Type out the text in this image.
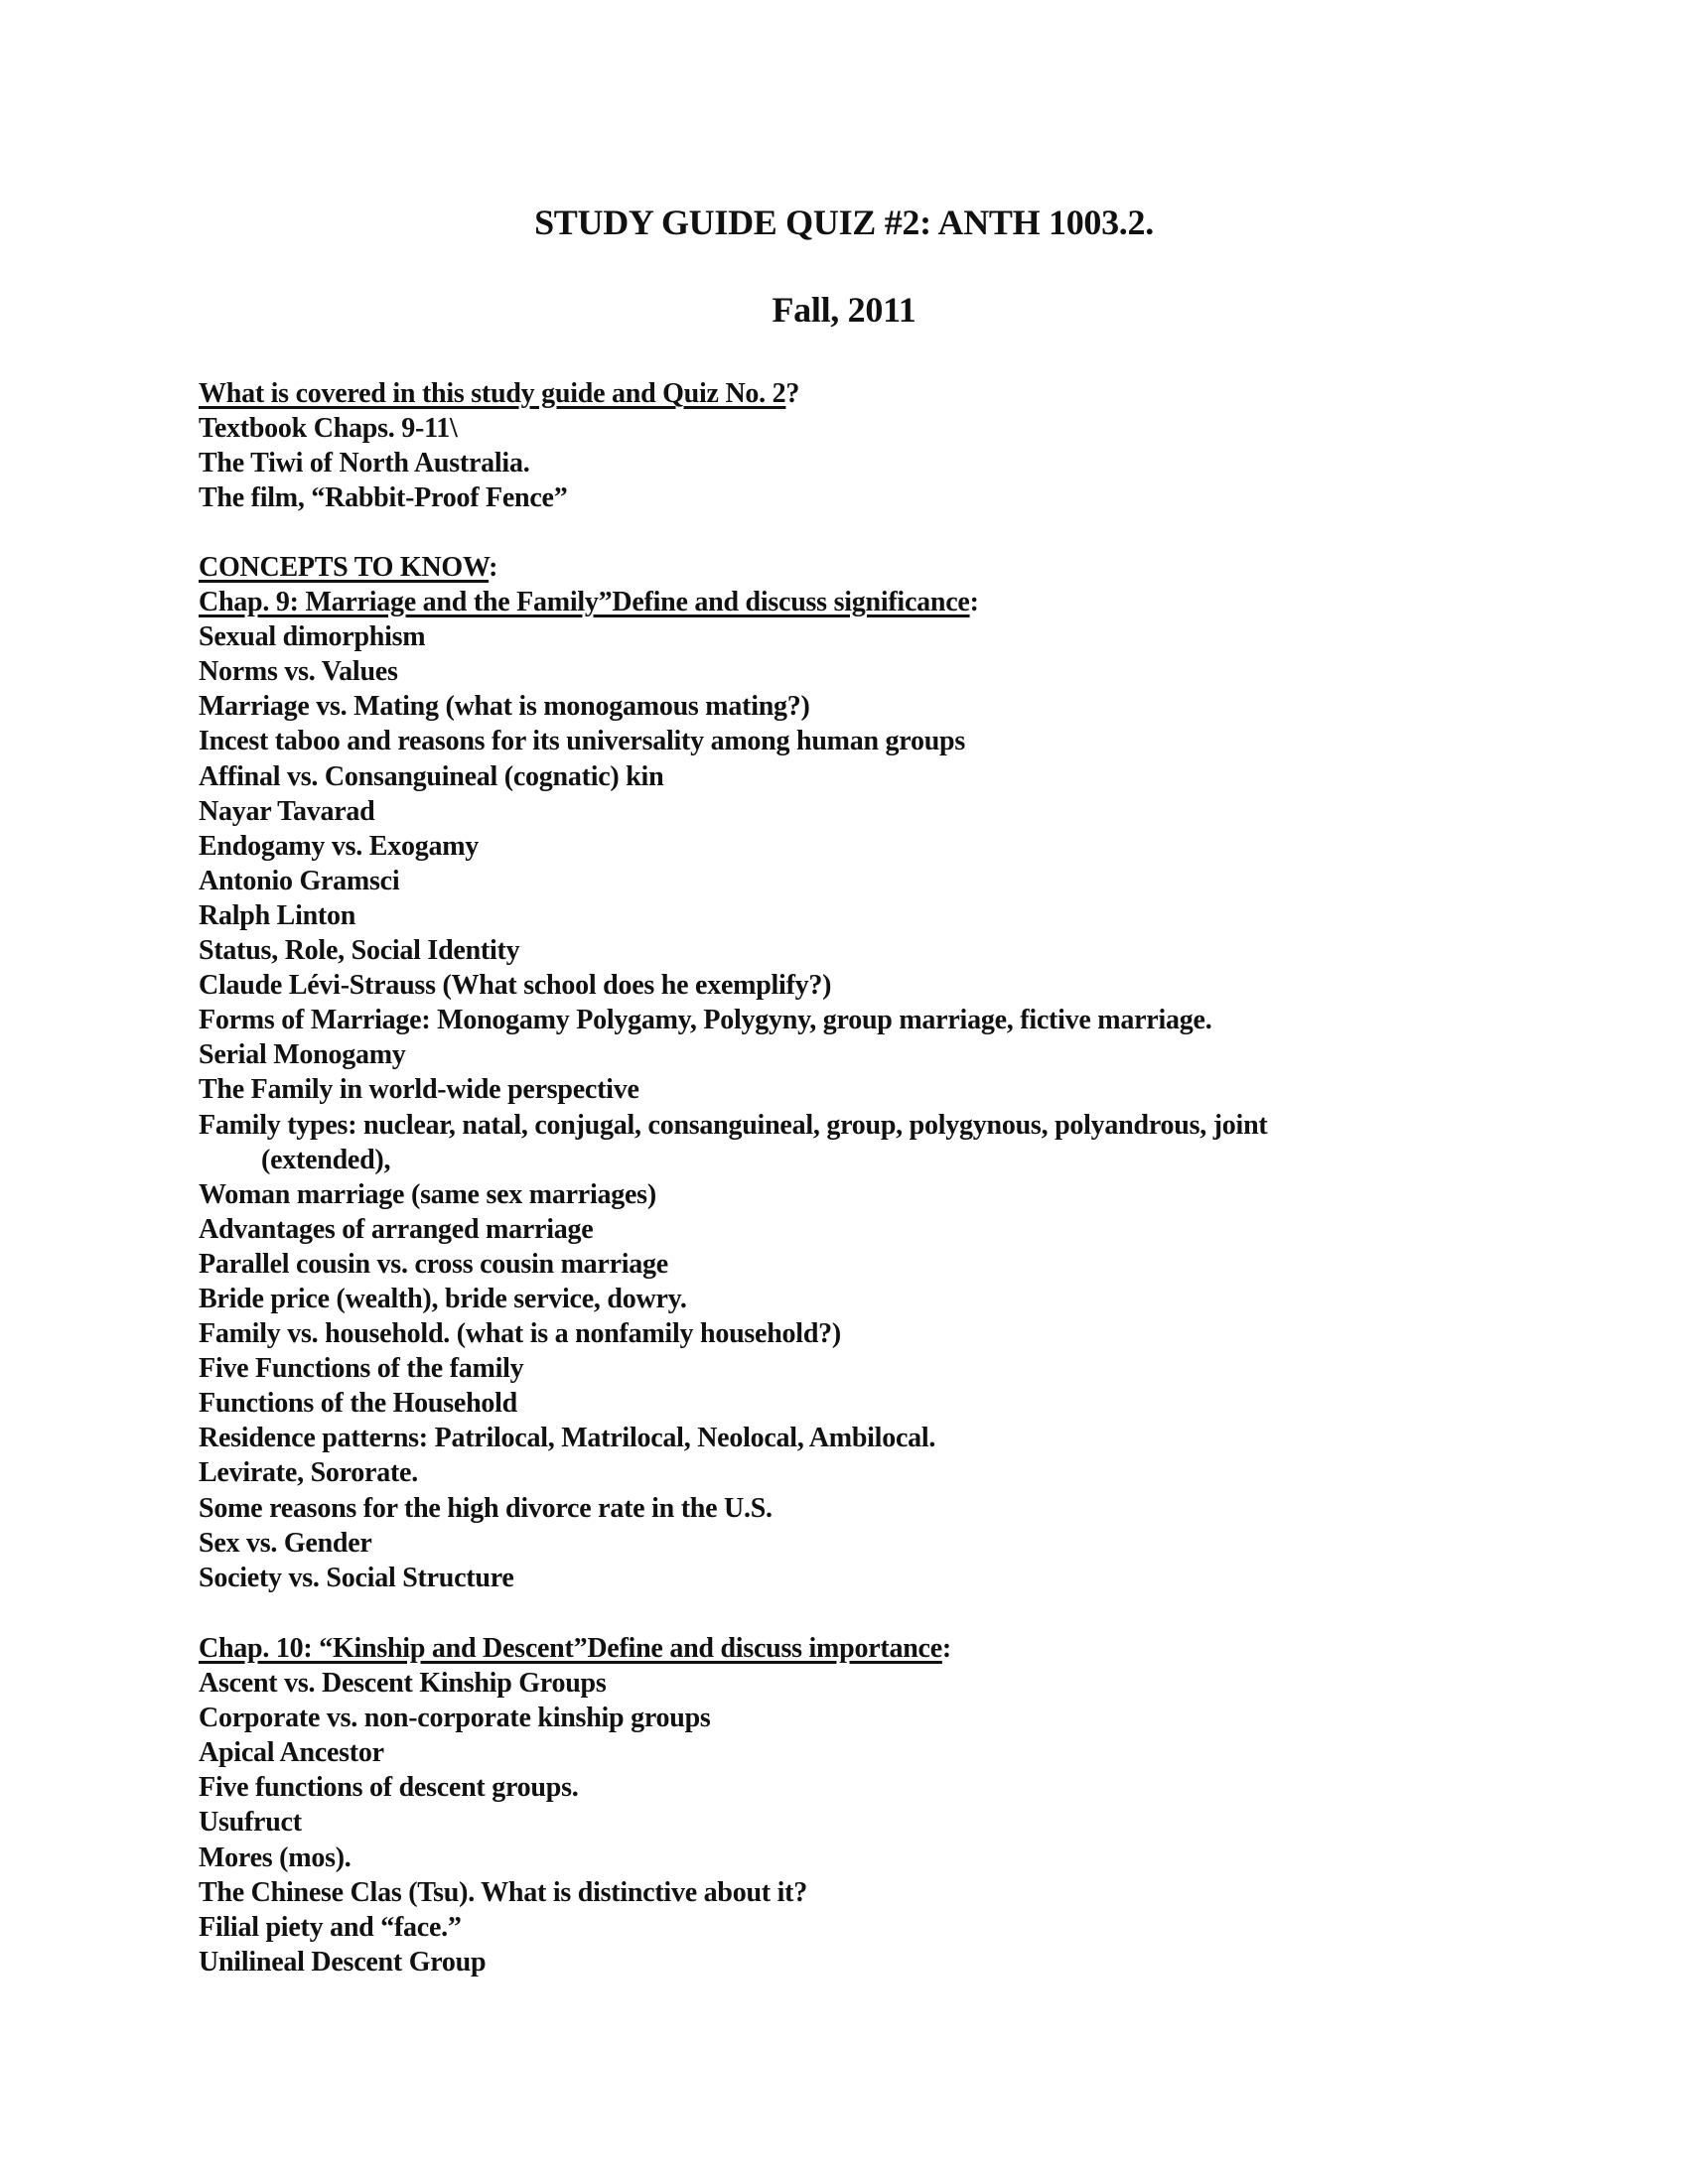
STUDY GUIDE QUIZ #2: ANTH 1003.2.
Fall, 2011
What is covered in this study guide and Quiz No. 2?
Textbook Chaps. 9-11\
The Tiwi of North Australia.
The film, “Rabbit-Proof Fence”
CONCEPTS TO KNOW:
Chap. 9: Marriage and the Family”Define and discuss significance:
Sexual dimorphism
Norms vs. Values
Marriage vs. Mating (what is monogamous mating?)
Incest taboo and reasons for its universality among human groups
Affinal vs. Consanguineal (cognatic) kin
Nayar Tavarad
Endogamy vs. Exogamy
Antonio Gramsci
Ralph Linton
Status, Role, Social Identity
Claude Lévi-Strauss (What school does he exemplify?)
Forms of Marriage: Monogamy Polygamy, Polygyny, group marriage, fictive marriage.
Serial Monogamy
The Family in world-wide perspective
Family types: nuclear, natal, conjugal, consanguineal, group, polygynous, polyandrous, joint
(extended),
Woman marriage (same sex marriages)
Advantages of arranged marriage
Parallel cousin vs. cross cousin marriage
Bride price (wealth), bride service, dowry.
Family vs. household. (what is a nonfamily household?)
Five Functions of the family
Functions of the Household
Residence patterns: Patrilocal, Matrilocal, Neolocal, Ambilocal.
Levirate, Sororate.
Some reasons for the high divorce rate in the U.S.
Sex vs. Gender
Society vs. Social Structure
Chap. 10: “Kinship and Descent”Define and discuss importance:
Ascent vs. Descent Kinship Groups
Corporate vs. non-corporate kinship groups
Apical Ancestor
Five functions of descent groups.
Usufruct
Mores (mos).
The Chinese Clas (Tsu). What is distinctive about it?
Filial piety and “face.”
Unilineal Descent Group
